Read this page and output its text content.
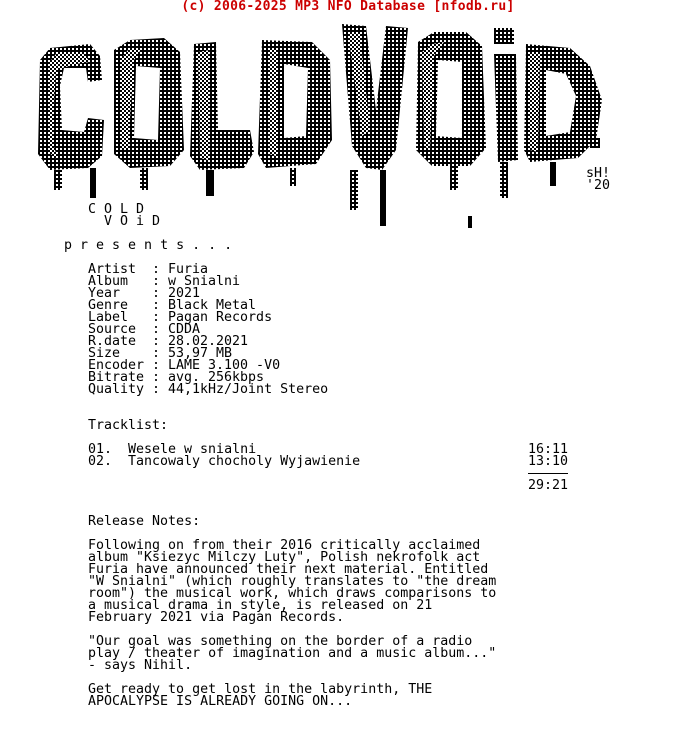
(c) 2006-2025 MP3 NFO Database [nfodb.ru]
C O L D
V O i D
sH!
'20
p r e s e n t s . . .
Artist : Furia
Album : w Snialni
Year : 2021
Genre : Black Metal
Label : Pagan Records
Source : CDDA
R.date : 28.02.2021
Size : 53,97 MB
Encoder : LAME 3.100 -V0
Bitrate : avg. 256kbps
Quality : 44,1kHz/Joint Stereo
Tracklist:
01. Wesele w snialni	16:11
02. Tancowaly chocholy Wyjawienie	13:10
29:21
Release Notes:
Following on from their 2016 critically acclaimed
album "Ksiezyc Milczy Luty", Polish nekrofolk act
Furia have announced their next material. Entitled
"W Snialni" (which roughly translates to "the dream
room") the musical work, which draws comparisons to
a musical drama in style, is released on 21
February 2021 via Pagan Records.
"Our goal was something on the border of a radio
play / theater of imagination and a music album..."
- says Nihil.
Get ready to get lost in the labyrinth, THE
APOCALYPSE IS ALREADY GOING ON...
